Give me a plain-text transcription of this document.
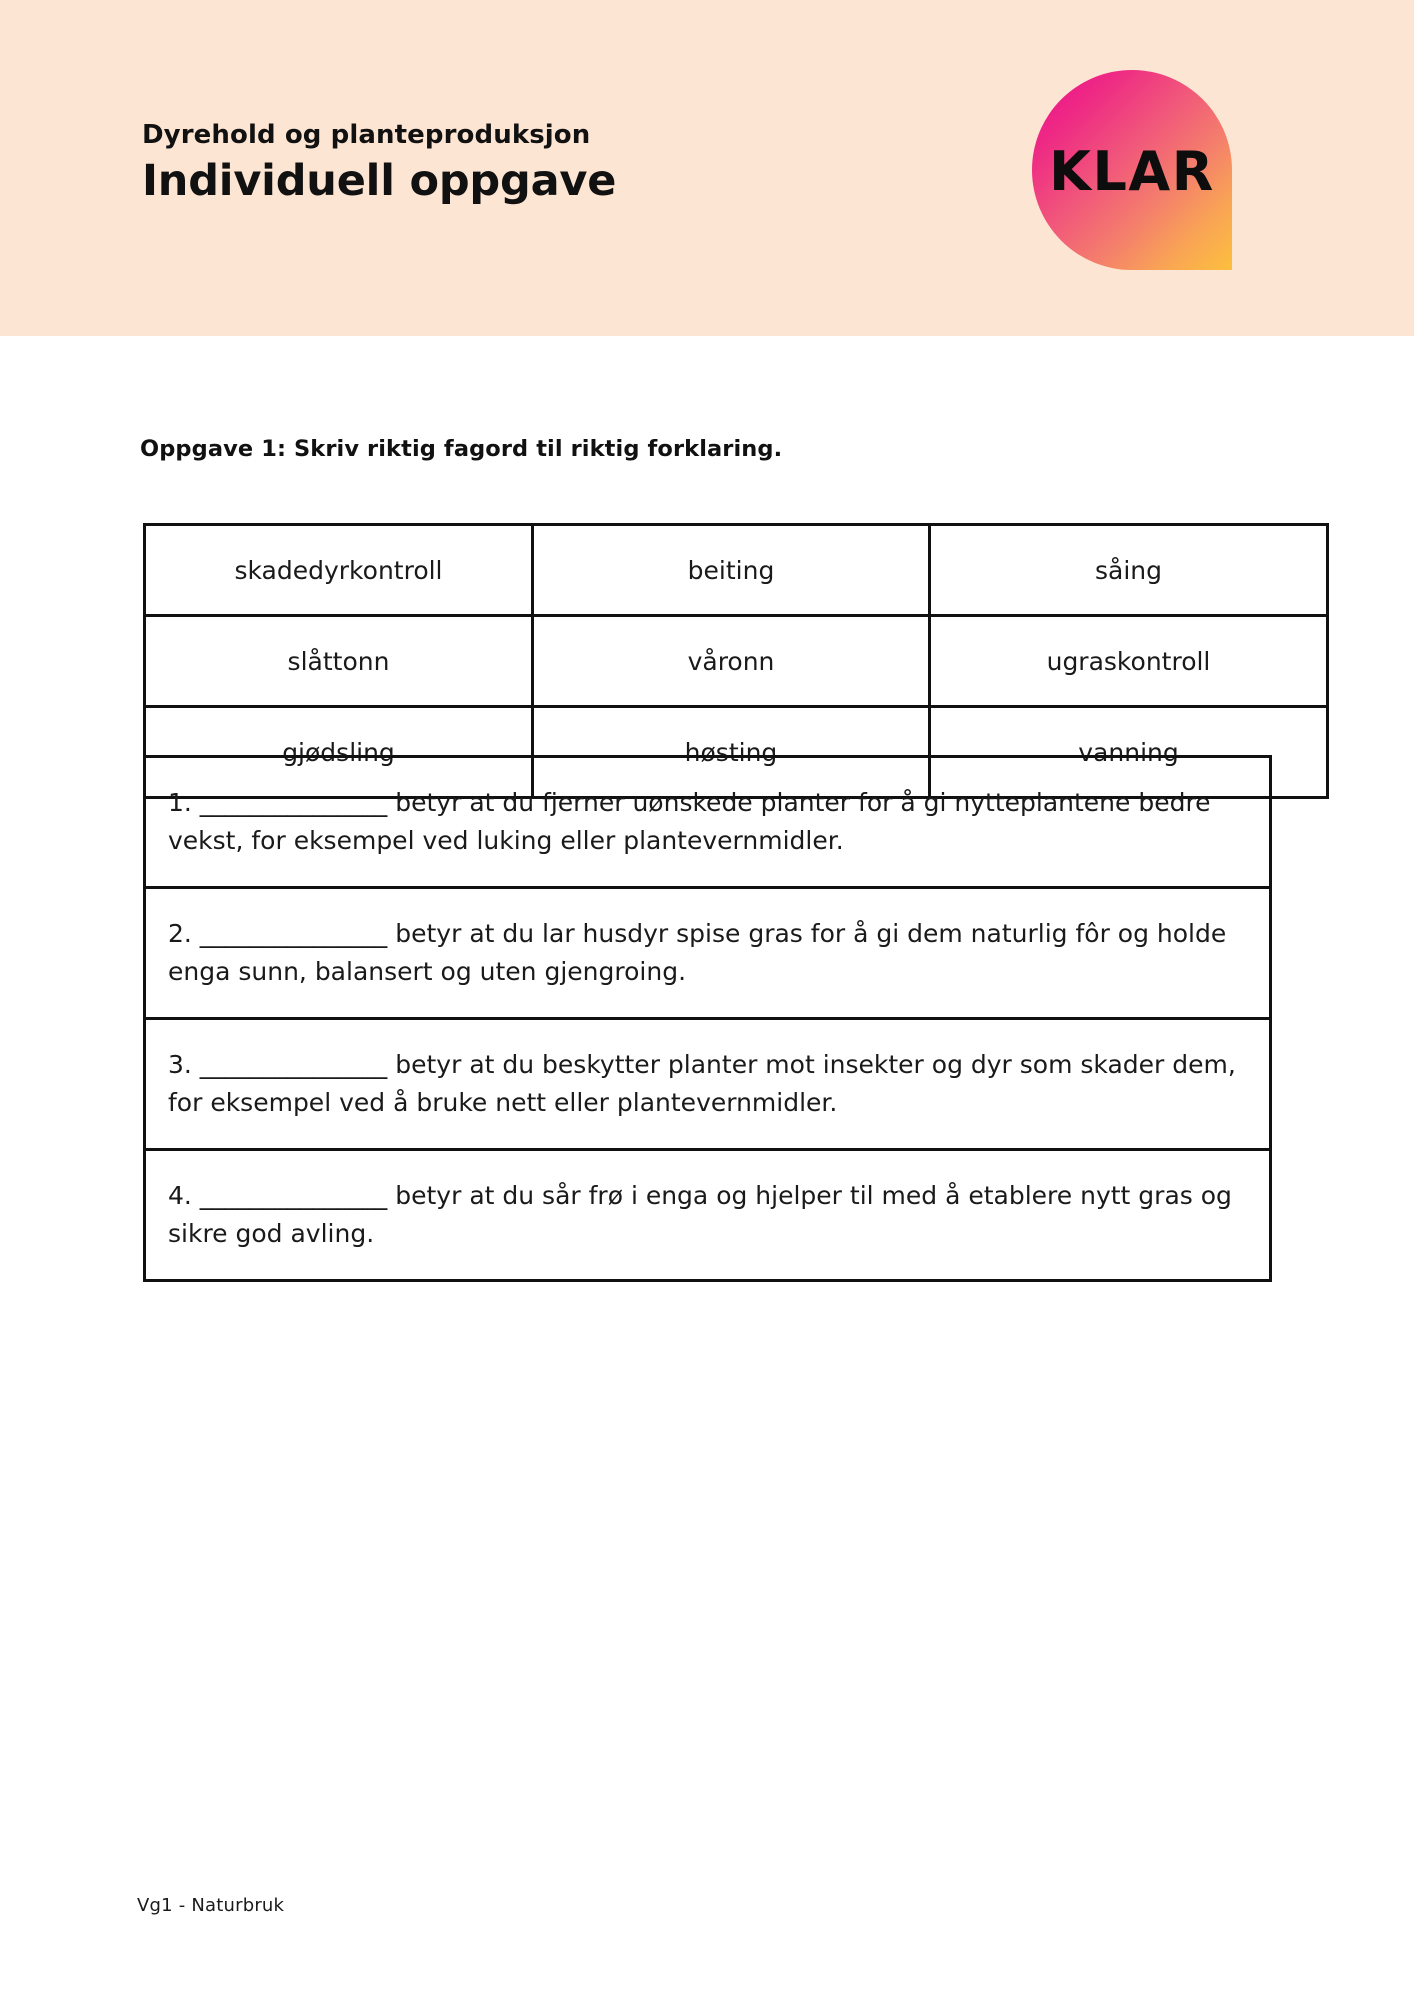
Dyrehold og planteproduksjon
Individuell oppgave	KLAR
Oppgave 1: Skriv riktig fagord til riktig forklaring.
skadedyrkontroll	beiting	såing
slåttonn	våronn	ugraskontroll
gjødsling	høsting	vanning
1. _______________ betyr at du fjerner uønskede planter for å gi nytteplantene bedre vekst, for eksempel ved luking eller plantevernmidler.

2. _______________ betyr at du lar husdyr spise gras for å gi dem naturlig fôr og holde enga sunn, balansert og uten gjengroing.

3. _______________ betyr at du beskytter planter mot insekter og dyr som skader dem, for eksempel ved å bruke nett eller plantevernmidler.

4. _______________ betyr at du sår frø i enga og hjelper til med å etablere nytt gras og sikre god avling.
Vg1 - Naturbruk
